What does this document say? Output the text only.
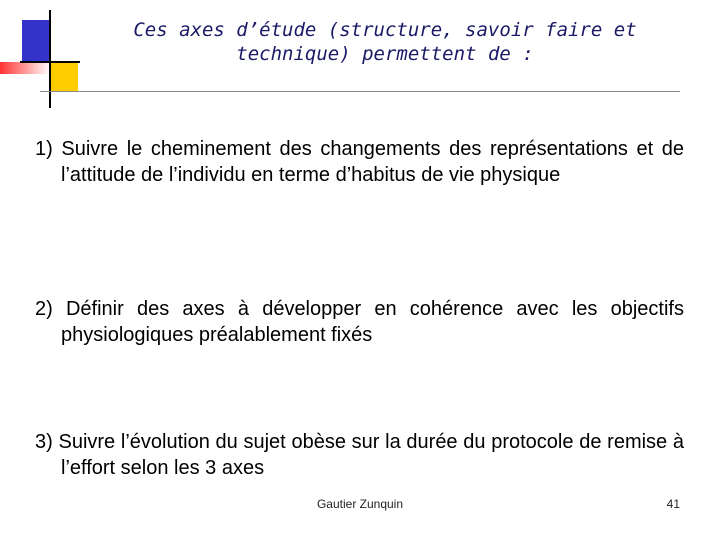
Ces axes d’étude (structure, savoir faire et technique) permettent de :
1) Suivre le cheminement des changements des représentations et de l’attitude de l’individu en terme d’habitus de vie physique
2) Définir des axes à développer en cohérence avec les objectifs physiologiques préalablement fixés
3) Suivre l’évolution du sujet obèse sur la durée du protocole de remise à l’effort selon les 3 axes
Gautier Zunquin	41
